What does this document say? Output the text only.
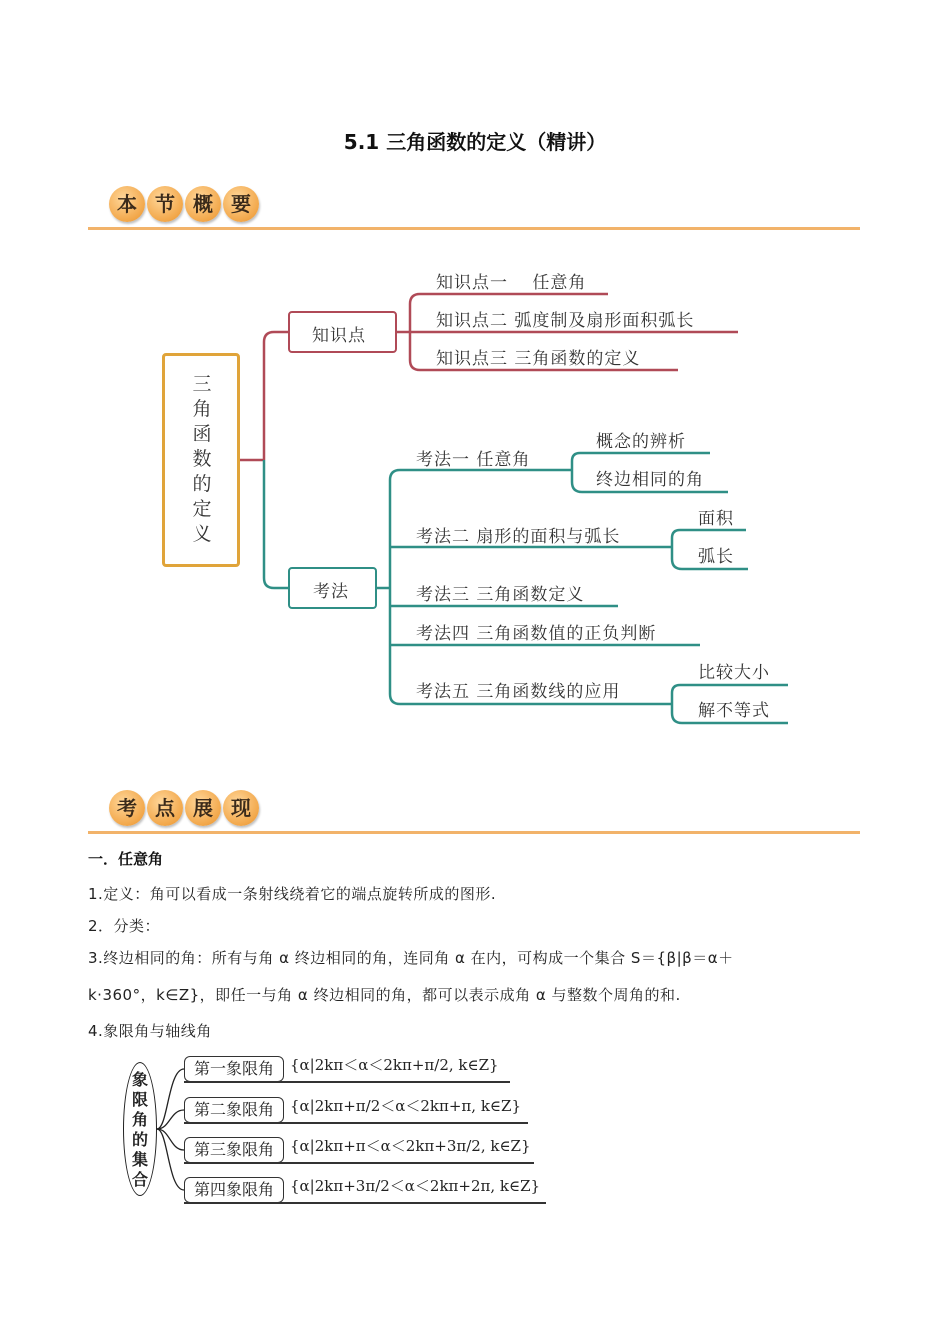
5.1 三角函数的定义（精讲）
本 节 概 要
三
角
函
数
的
定
义
知识点
知识点一　 任意角
知识点二 弧度制及扇形面积弧长
知识点三 三角函数的定义
考法
考法一 任意角
概念的辨析
终边相同的角
考法二 扇形的面积与弧长
面积
弧长
考法三 三角函数定义
考法四 三角函数值的正负判断
考法五 三角函数线的应用
比较大小
解不等式
考 点 展 现
一．任意角
1.定义：角可以看成一条射线绕着它的端点旋转所成的图形.
2．分类：
3.终边相同的角：所有与角 α 终边相同的角，连同角 α 在内，可构成一个集合 S＝{β|β＝α＋
k·360°，k∈Z}，即任一与角 α 终边相同的角，都可以表示成角 α 与整数个周角的和.
4.象限角与轴线角
象
限
角
的
集
合
第一象限角	{α|2kπ＜α＜2kπ+π/2, k∈Z}
第二象限角	{α|2kπ+π/2＜α＜2kπ+π, k∈Z}
第三象限角	{α|2kπ+π＜α＜2kπ+3π/2, k∈Z}
第四象限角	{α|2kπ+3π/2＜α＜2kπ+2π, k∈Z}
